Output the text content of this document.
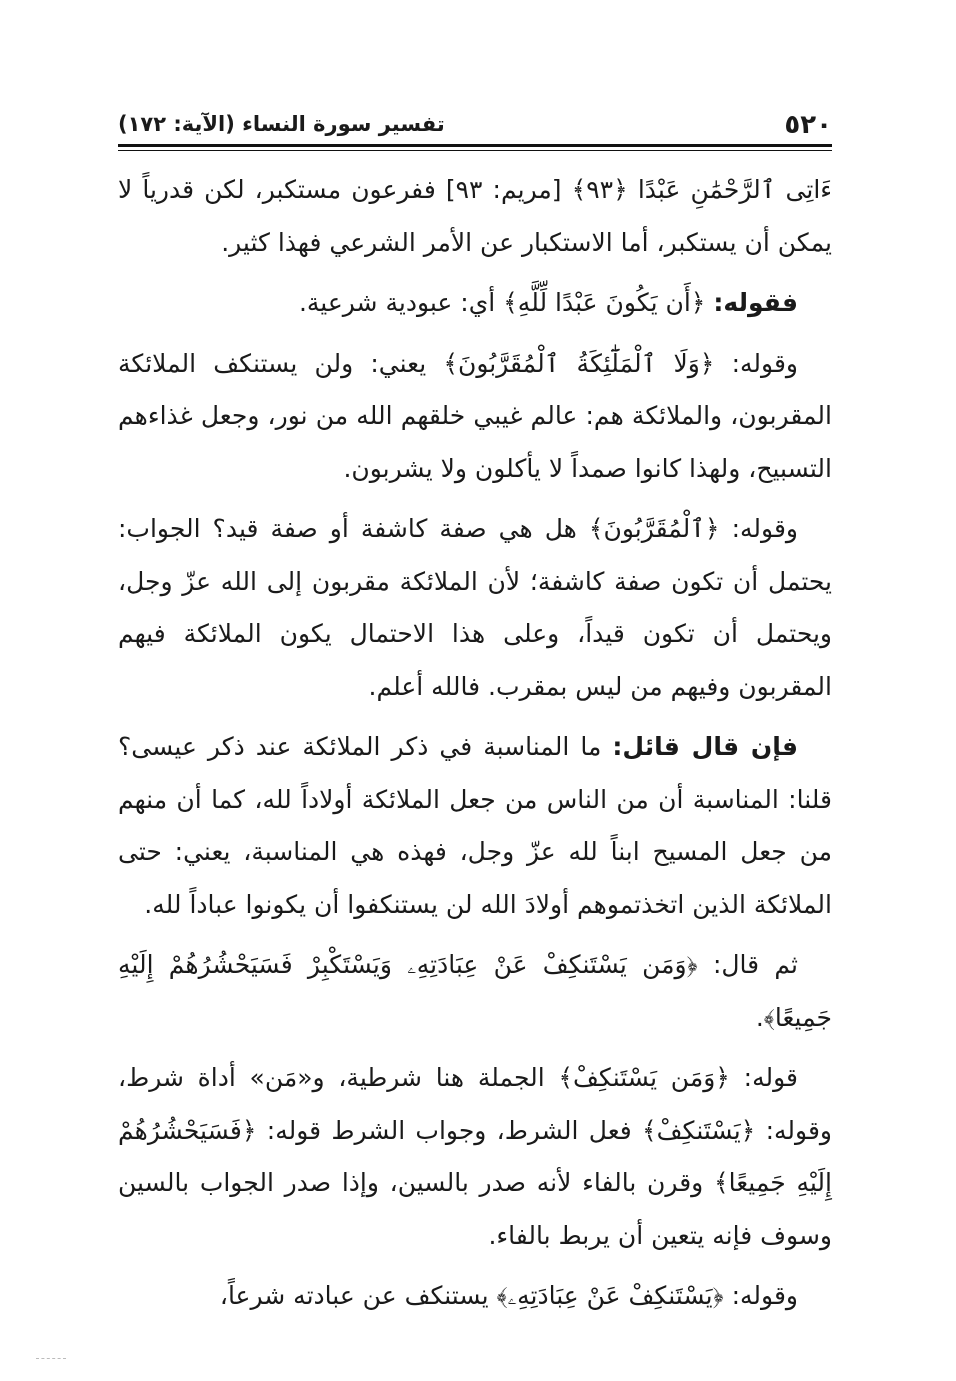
٥٢٠
تفسير سورة النساء (الآية: ١٧٢)

ءَاتِى ٱلرَّحْمَٰنِ عَبْدًا ﴿٩٣﴾ [مريم: ٩٣] ففرعون مستكبر، لكن قدرياً لا يمكن أن يستكبر، أما الاستكبار عن الأمر الشرعي فهذا كثير.

فقوله: ﴿أَن يَكُونَ عَبْدًا لِّلَّهِ﴾ أي: عبودية شرعية.

وقوله: ﴿وَلَا ٱلْمَلَٰٓئِكَةُ ٱلْمُقَرَّبُونَ﴾ يعني: ولن يستنكف الملائكة المقربون، والملائكة هم: عالم غيبي خلقهم الله من نور، وجعل غذاءهم التسبيح، ولهذا كانوا صمداً لا يأكلون ولا يشربون.

وقوله: ﴿ٱلْمُقَرَّبُونَ﴾ هل هي صفة كاشفة أو صفة قيد؟ الجواب: يحتمل أن تكون صفة كاشفة؛ لأن الملائكة مقربون إلى الله عزّ وجل، ويحتمل أن تكون قيداً، وعلى هذا الاحتمال يكون الملائكة فيهم المقربون وفيهم من ليس بمقرب. فالله أعلم.

فإن قال قائل: ما المناسبة في ذكر الملائكة عند ذكر عيسى؟ قلنا: المناسبة أن من الناس من جعل الملائكة أولاداً لله، كما أن منهم من جعل المسيح ابناً لله عزّ وجل، فهذه هي المناسبة، يعني: حتى الملائكة الذين اتخذتموهم أولادَ الله لن يستنكفوا أن يكونوا عباداً لله.

ثم قال: ﴿وَمَن يَسْتَنكِفْ عَنْ عِبَادَتِهِۦ وَيَسْتَكْبِرْ فَسَيَحْشُرُهُمْ إِلَيْهِ جَمِيعًا﴾.

قوله: ﴿وَمَن يَسْتَنكِفْ﴾ الجملة هنا شرطية، و«مَن» أداة شرط، وقوله: ﴿يَسْتَنكِفْ﴾ فعل الشرط، وجواب الشرط قوله: ﴿فَسَيَحْشُرُهُمْ إِلَيْهِ جَمِيعًا﴾ وقرن بالفاء لأنه صدر بالسين، وإذا صدر الجواب بالسين وسوف فإنه يتعين أن يربط بالفاء.

وقوله: ﴿يَسْتَنكِفْ عَنْ عِبَادَتِهِۦ﴾ يستنكف عن عبادته شرعاً،
